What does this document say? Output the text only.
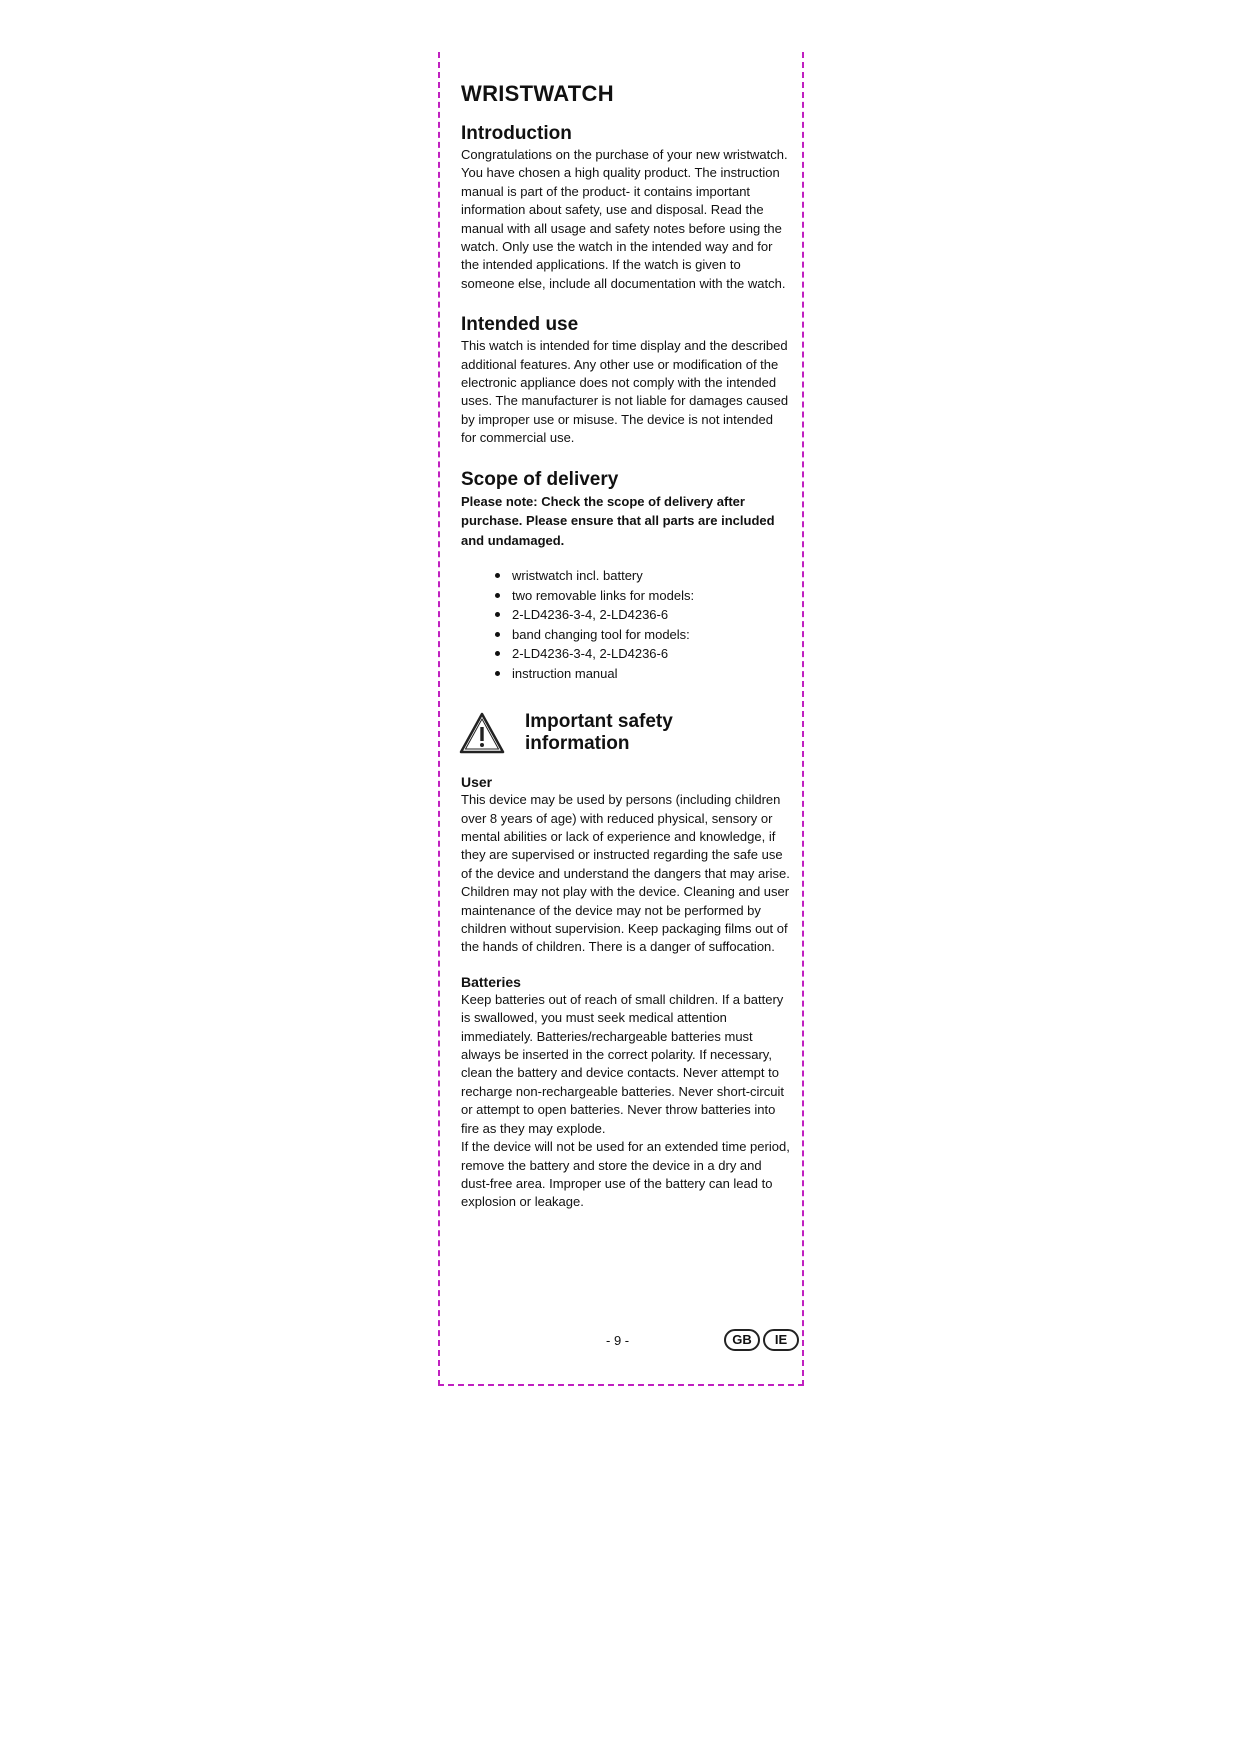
WRISTWATCH
Introduction

Congratulations on the purchase of your new wristwatch. You have chosen a high quality product. The instruction manual is part of the product- it contains important information about safety, use and disposal. Read the manual with all usage and safety notes before using the watch. Only use the watch in the intended way and for the intended applications. If the watch is given to someone else, include all documentation with the watch.

Intended use

This watch is intended for time display and the described additional features. Any other use or modification of the electronic appliance does not comply with the intended uses. The manufacturer is not liable for damages caused by improper use or misuse. The device is not intended for commercial use.

Scope of delivery

Please note: Check the scope of delivery after purchase. Please ensure that all parts are included and undamaged.

wristwatch incl. battery
two removable links for models:
2-LD4236-3-4, 2-LD4236-6
band changing tool for models:
2-LD4236-3-4, 2-LD4236-6
instruction manual
Important safety
information
User

This device may be used by persons (including children over 8 years of age) with reduced physical, sensory or mental abilities or lack of experience and knowledge, if they are supervised or instructed regarding the safe use of the device and understand the dangers that may arise. Children may not play with the device. Cleaning and user maintenance of the device may not be performed by children without supervision. Keep packaging films out of the hands of children. There is a danger of suffocation.

Batteries

Keep batteries out of reach of small children. If a battery is swallowed, you must seek medical attention immediately. Batteries/rechargeable batteries must always be inserted in the correct polarity. If necessary, clean the battery and device contacts. Never attempt to recharge non-rechargeable batteries. Never short-circuit or attempt to open batteries. Never throw batteries into fire as they may explode.

If the device will not be used for an extended time period, remove the battery and store the device in a dry and dust-free area. Improper use of the battery can lead to explosion or leakage.

- 9 -	GB	IE
